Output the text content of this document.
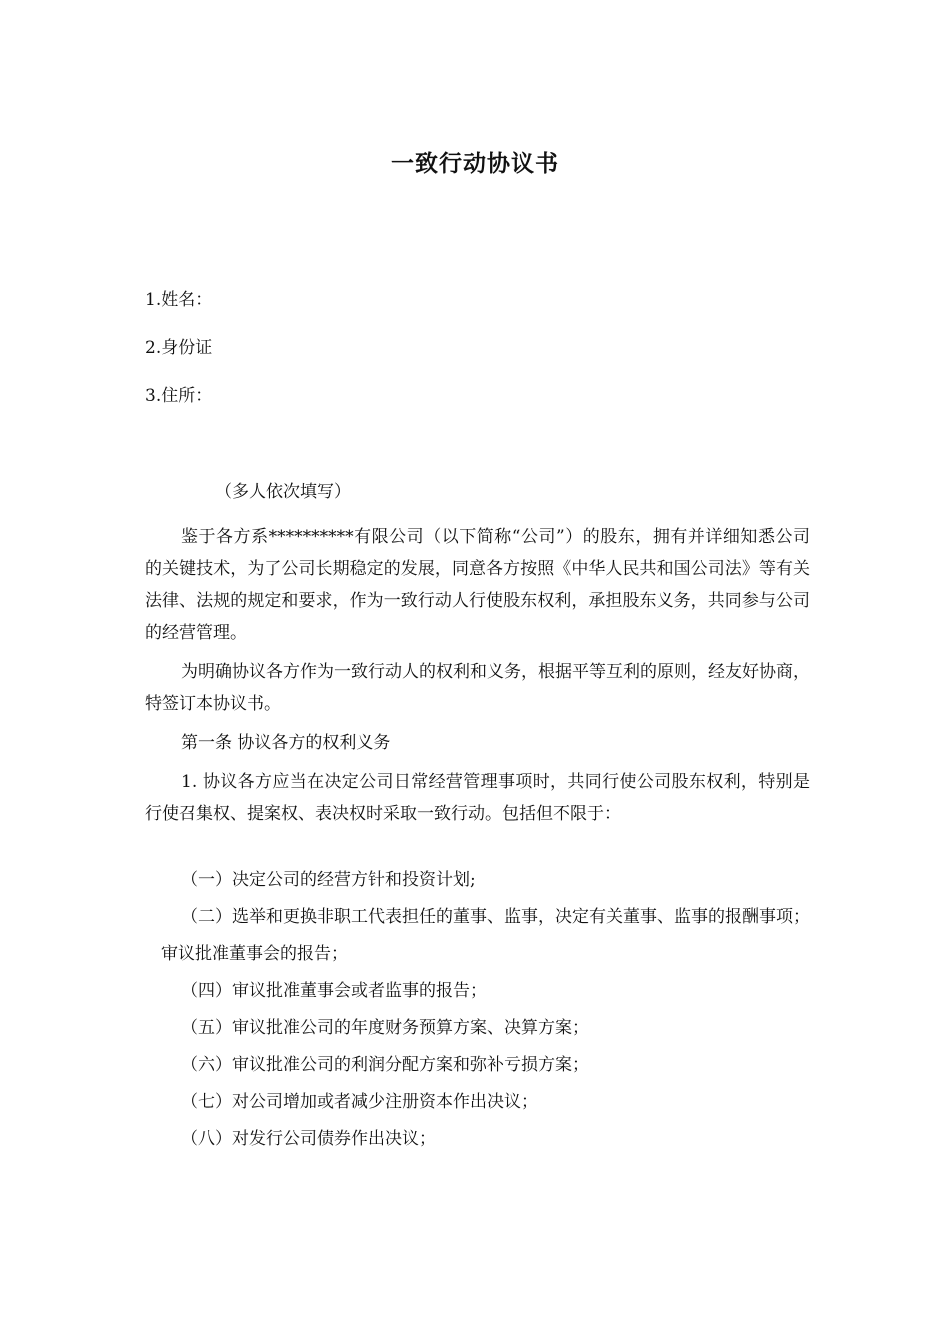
一致行动协议书
1.姓名：
2.身份证
3.住所：
（多人依次填写）

鉴于各方系**********有限公司（以下简称“公司”）的股东，拥有并详细知悉公司的关键技术，为了公司长期稳定的发展，同意各方按照《中华人民共和国公司法》等有关法律、法规的规定和要求，作为一致行动人行使股东权利，承担股东义务，共同参与公司的经营管理。

为明确协议各方作为一致行动人的权利和义务，根据平等互利的原则，经友好协商，特签订本协议书。

第一条 协议各方的权利义务

1. 协议各方应当在决定公司日常经营管理事项时，共同行使公司股东权利，特别是行使召集权、提案权、表决权时采取一致行动。包括但不限于：

（一）决定公司的经营方针和投资计划;

（二）选举和更换非职工代表担任的董事、监事，决定有关董事、监事的报酬事项；

审议批准董事会的报告；

（四）审议批准董事会或者监事的报告；

（五）审议批准公司的年度财务预算方案、决算方案；

（六）审议批准公司的利润分配方案和弥补亏损方案；

（七）对公司增加或者减少注册资本作出决议；

（八）对发行公司债券作出决议；
